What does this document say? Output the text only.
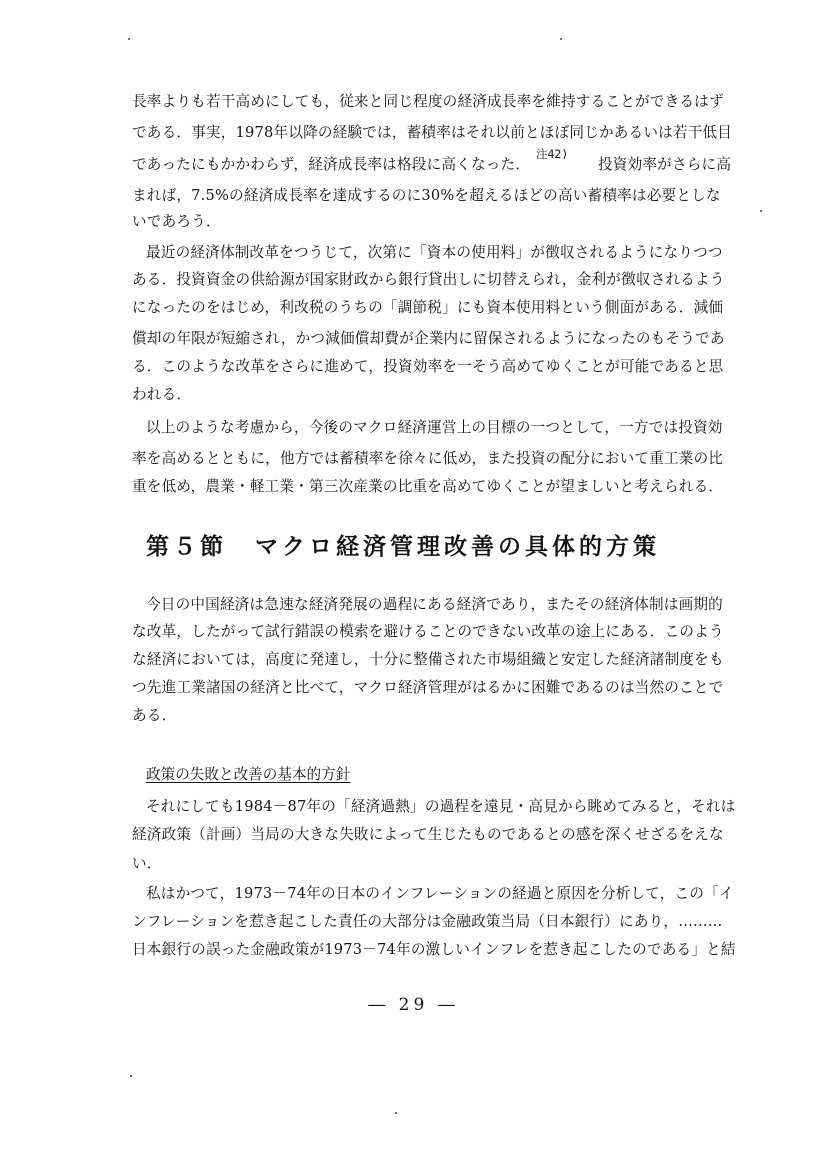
長率よりも若干高めにしても，従来と同じ程度の経済成長率を維持することができるはず
である．事実，1978年以降の経験では，蓄積率はそれ以前とほぼ同じかあるいは若干低目
であったにもかかわらず，経済成長率は格段に高くなった．
注42)
投資効率がさらに高
まれば，7.5%の経済成長率を達成するのに30%を超えるほどの高い蓄積率は必要としな
いであろう．
最近の経済体制改革をつうじて，次第に「資本の使用料」が徴収されるようになりつつ
ある．投資資金の供給源が国家財政から銀行貸出しに切替えられ，金利が徴収されるよう
になったのをはじめ，利改税のうちの「調節税」にも資本使用料という側面がある．減価
償却の年限が短縮され，かつ減価償却費が企業内に留保されるようになったのもそうであ
る．このような改革をさらに進めて，投資効率を一そう高めてゆくことが可能であると思
われる．
以上のような考慮から，今後のマクロ経済運営上の目標の一つとして，一方では投資効
率を高めるとともに，他方では蓄積率を徐々に低め，また投資の配分において重工業の比
重を低め，農業・軽工業・第三次産業の比重を高めてゆくことが望ましいと考えられる．
第５節 マクロ経済管理改善の具体的方策
今日の中国経済は急速な経済発展の過程にある経済であり，またその経済体制は画期的
な改革，したがって試行錯誤の模索を避けることのできない改革の途上にある．このよう
な経済においては，高度に発達し，十分に整備された市場組織と安定した経済諸制度をも
つ先進工業諸国の経済と比べて，マクロ経済管理がはるかに困難であるのは当然のことで
ある．
政策の失敗と改善の基本的方針
それにしても1984－87年の「経済過熱」の過程を遠見・高見から眺めてみると，それは
経済政策（計画）当局の大きな失敗によって生じたものであるとの感を深くせざるをえな
い．
私はかつて，1973－74年の日本のインフレーションの経過と原因を分析して，この「イ
ンフレーションを惹き起こした責任の大部分は金融政策当局（日本銀行）にあり，………
日本銀行の誤った金融政策が1973－74年の激しいインフレを惹き起こしたのである」と結
― 29 ―
